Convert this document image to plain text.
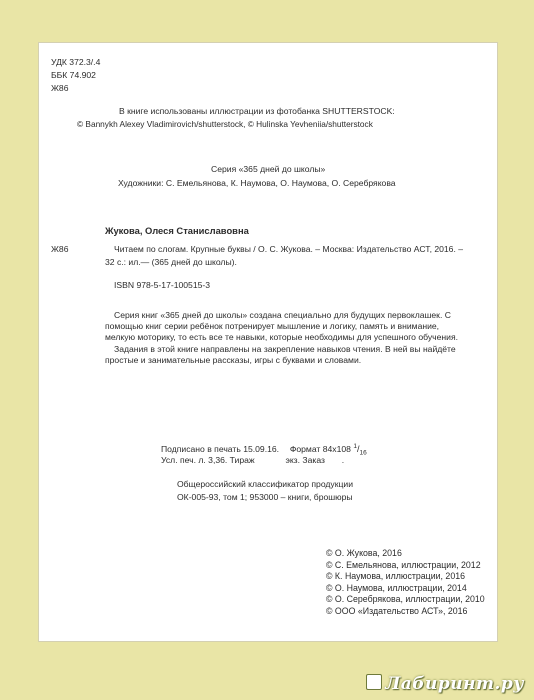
УДК 372.3/.4
ББК 74.902
Ж86
В книге использованы иллюстрации из фотобанка SHUTTERSTOCK:
© Bannykh Alexey Vladimirovich/shutterstock, © Hulinska Yevheniia/shutterstock
Серия «365 дней до школы»
Художники: С. Емельянова, К. Наумова, О. Наумова, О. Серебрякова
Жукова, Олеся Станиславовна
Ж86	Читаем по слогам. Крупные буквы / О. С. Жукова. – Москва: Издательство АСТ, 2016. –
32 с.: ил.— (365 дней до школы).
ISBN 978-5-17-100515-3
Серия книг «365 дней до школы» создана специально для будущих первоклашек. С помощью книг серии ребёнок потренирует мышление и логику, память и внимание, мелкую моторику, то есть все те навыки, которые необходимы для успешного обучения.
Задания в этой книге направлены на закрепление навыков чтения. В ней вы найдёте простые и занимательные рассказы, игры с буквами и словами.
Подписано в печать 15.09.16. Формат 84x108 $^1/_{16}$
Усл. печ. л. 3,36. Тираж	экз. Заказ .
Общероссийский классификатор продукции
ОК-005-93, том 1; 953000 – книги, брошюры
© О. Жукова, 2016
© С. Емельянова, иллюстрации, 2012
© К. Наумова, иллюстрации, 2016
© О. Наумова, иллюстрации, 2014
© О. Серебрякова, иллюстрации, 2010
© ООО «Издательство АСТ», 2016
Лабиринт.ру
